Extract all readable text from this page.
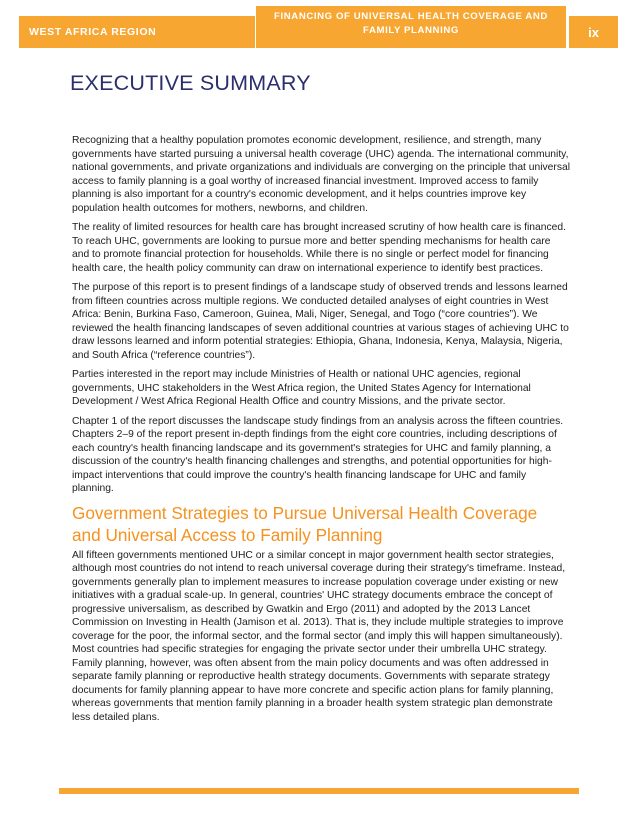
WEST AFRICA REGION
FINANCING OF UNIVERSAL HEALTH COVERAGE AND
FAMILY PLANNING	ix
EXECUTIVE SUMMARY

Recognizing that a healthy population promotes economic development, resilience, and strength, many governments have started pursuing a universal health coverage (UHC) agenda. The international community, national governments, and private organizations and individuals are converging on the principle that universal access to family planning is a goal worthy of increased financial investment. Improved access to family planning is also important for a country's economic development, and it helps countries improve key population health outcomes for mothers, newborns, and children.

The reality of limited resources for health care has brought increased scrutiny of how health care is financed. To reach UHC, governments are looking to pursue more and better spending mechanisms for health care and to promote financial protection for households. While there is no single or perfect model for financing health care, the health policy community can draw on international experience to identify best practices.

The purpose of this report is to present findings of a landscape study of observed trends and lessons learned from fifteen countries across multiple regions. We conducted detailed analyses of eight countries in West Africa: Benin, Burkina Faso, Cameroon, Guinea, Mali, Niger, Senegal, and Togo (“core countries”). We reviewed the health financing landscapes of seven additional countries at various stages of achieving UHC to draw lessons learned and inform potential strategies: Ethiopia, Ghana, Indonesia, Kenya, Malaysia, Nigeria, and South Africa (“reference countries”).

Parties interested in the report may include Ministries of Health or national UHC agencies, regional governments, UHC stakeholders in the West Africa region, the United States Agency for International Development / West Africa Regional Health Office and country Missions, and the private sector.

Chapter 1 of the report discusses the landscape study findings from an analysis across the fifteen countries. Chapters 2–9 of the report present in-depth findings from the eight core countries, including descriptions of each country's health financing landscape and its government's strategies for UHC and family planning, a discussion of the country's health financing challenges and strengths, and potential opportunities for high-impact interventions that could improve the country's health financing landscape for UHC and family planning.

Government Strategies to Pursue Universal Health Coverage and Universal Access to Family Planning

All fifteen governments mentioned UHC or a similar concept in major government health sector strategies, although most countries do not intend to reach universal coverage during their strategy's timeframe. Instead, governments generally plan to implement measures to increase population coverage under existing or new initiatives with a gradual scale-up. In general, countries' UHC strategy documents embrace the concept of progressive universalism, as described by Gwatkin and Ergo (2011) and adopted by the 2013 Lancet Commission on Investing in Health (Jamison et al. 2013). That is, they include multiple strategies to improve coverage for the poor, the informal sector, and the formal sector (and imply this will happen simultaneously). Most countries had specific strategies for engaging the private sector under their umbrella UHC strategy. Family planning, however, was often absent from the main policy documents and was often addressed in separate family planning or reproductive health strategy documents. Governments with separate strategy documents for family planning appear to have more concrete and specific action plans for family planning, whereas governments that mention family planning in a broader health system strategic plan demonstrate less detailed plans.
